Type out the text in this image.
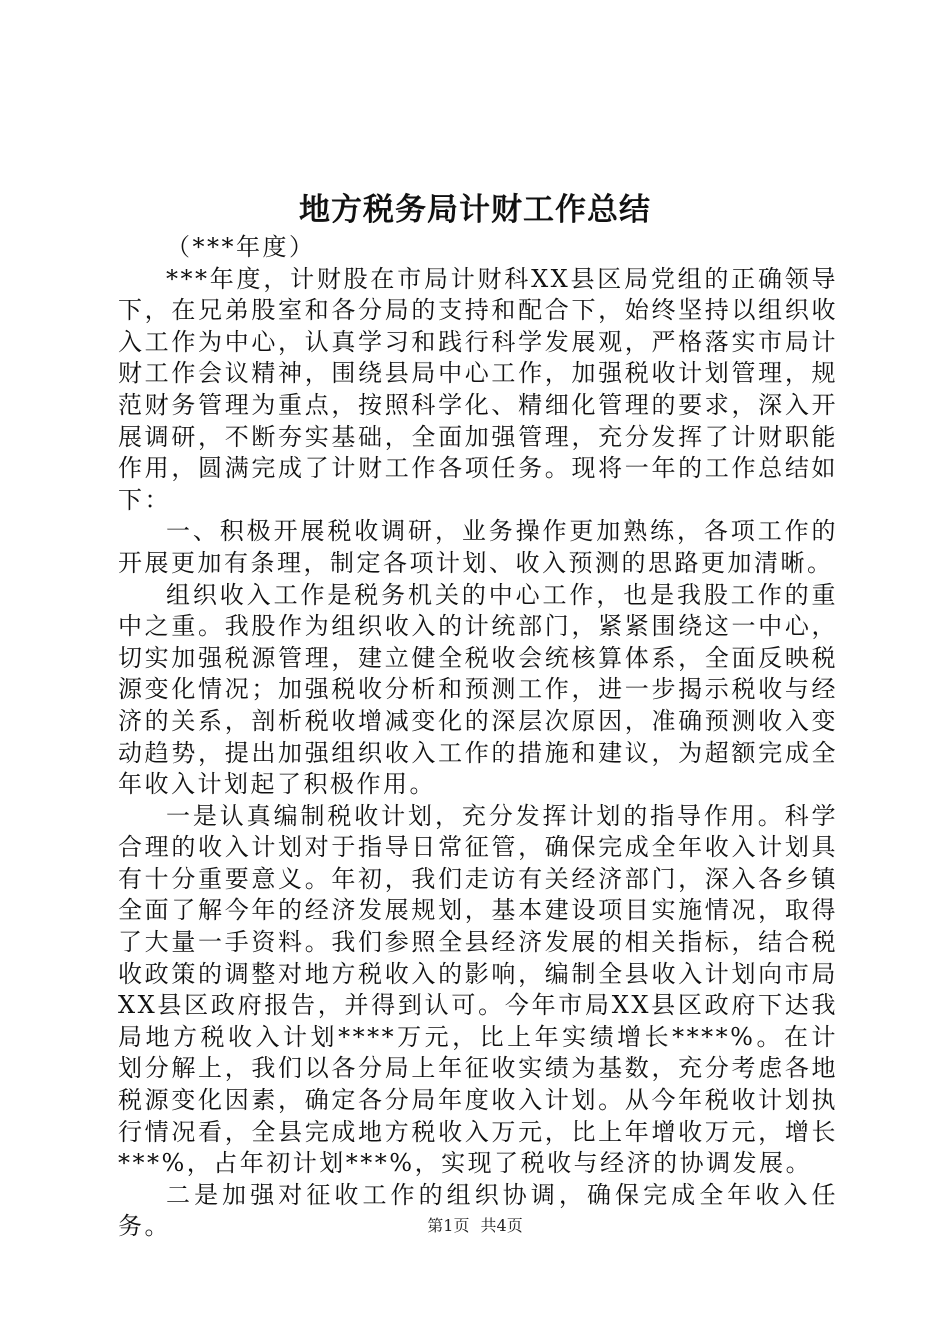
地方税务局计财工作总结

（***年度）

***年度，计财股在市局计财科XX县区局党组的正确领导下，在兄弟股室和各分局的支持和配合下，始终坚持以组织收入工作为中心，认真学习和践行科学发展观，严格落实市局计财工作会议精神，围绕县局中心工作，加强税收计划管理，规范财务管理为重点，按照科学化、精细化管理的要求，深入开展调研，不断夯实基础，全面加强管理，充分发挥了计财职能作用，圆满完成了计财工作各项任务。现将一年的工作总结如下：

一、积极开展税收调研，业务操作更加熟练，各项工作的开展更加有条理，制定各项计划、收入预测的思路更加清晰。

组织收入工作是税务机关的中心工作，也是我股工作的重中之重。我股作为组织收入的计统部门，紧紧围绕这一中心，切实加强税源管理，建立健全税收会统核算体系，全面反映税源变化情况；加强税收分析和预测工作，进一步揭示税收与经济的关系，剖析税收增减变化的深层次原因，准确预测收入变动趋势，提出加强组织收入工作的措施和建议，为超额完成全年收入计划起了积极作用。

一是认真编制税收计划，充分发挥计划的指导作用。科学合理的收入计划对于指导日常征管，确保完成全年收入计划具有十分重要意义。年初，我们走访有关经济部门，深入各乡镇全面了解今年的经济发展规划，基本建设项目实施情况，取得了大量一手资料。我们参照全县经济发展的相关指标，结合税收政策的调整对地方税收入的影响，编制全县收入计划向市局XX县区政府报告，并得到认可。今年市局XX县区政府下达我局地方税收入计划****万元，比上年实绩增长****%。在计划分解上，我们以各分局上年征收实绩为基数，充分考虑各地税源变化因素，确定各分局年度收入计划。从今年税收计划执行情况看，全县完成地方税收入万元，比上年增收万元，增长***%，占年初计划***%，实现了税收与经济的协调发展。

二是加强对征收工作的组织协调，确保完成全年收入任务。	第1页 共4页
